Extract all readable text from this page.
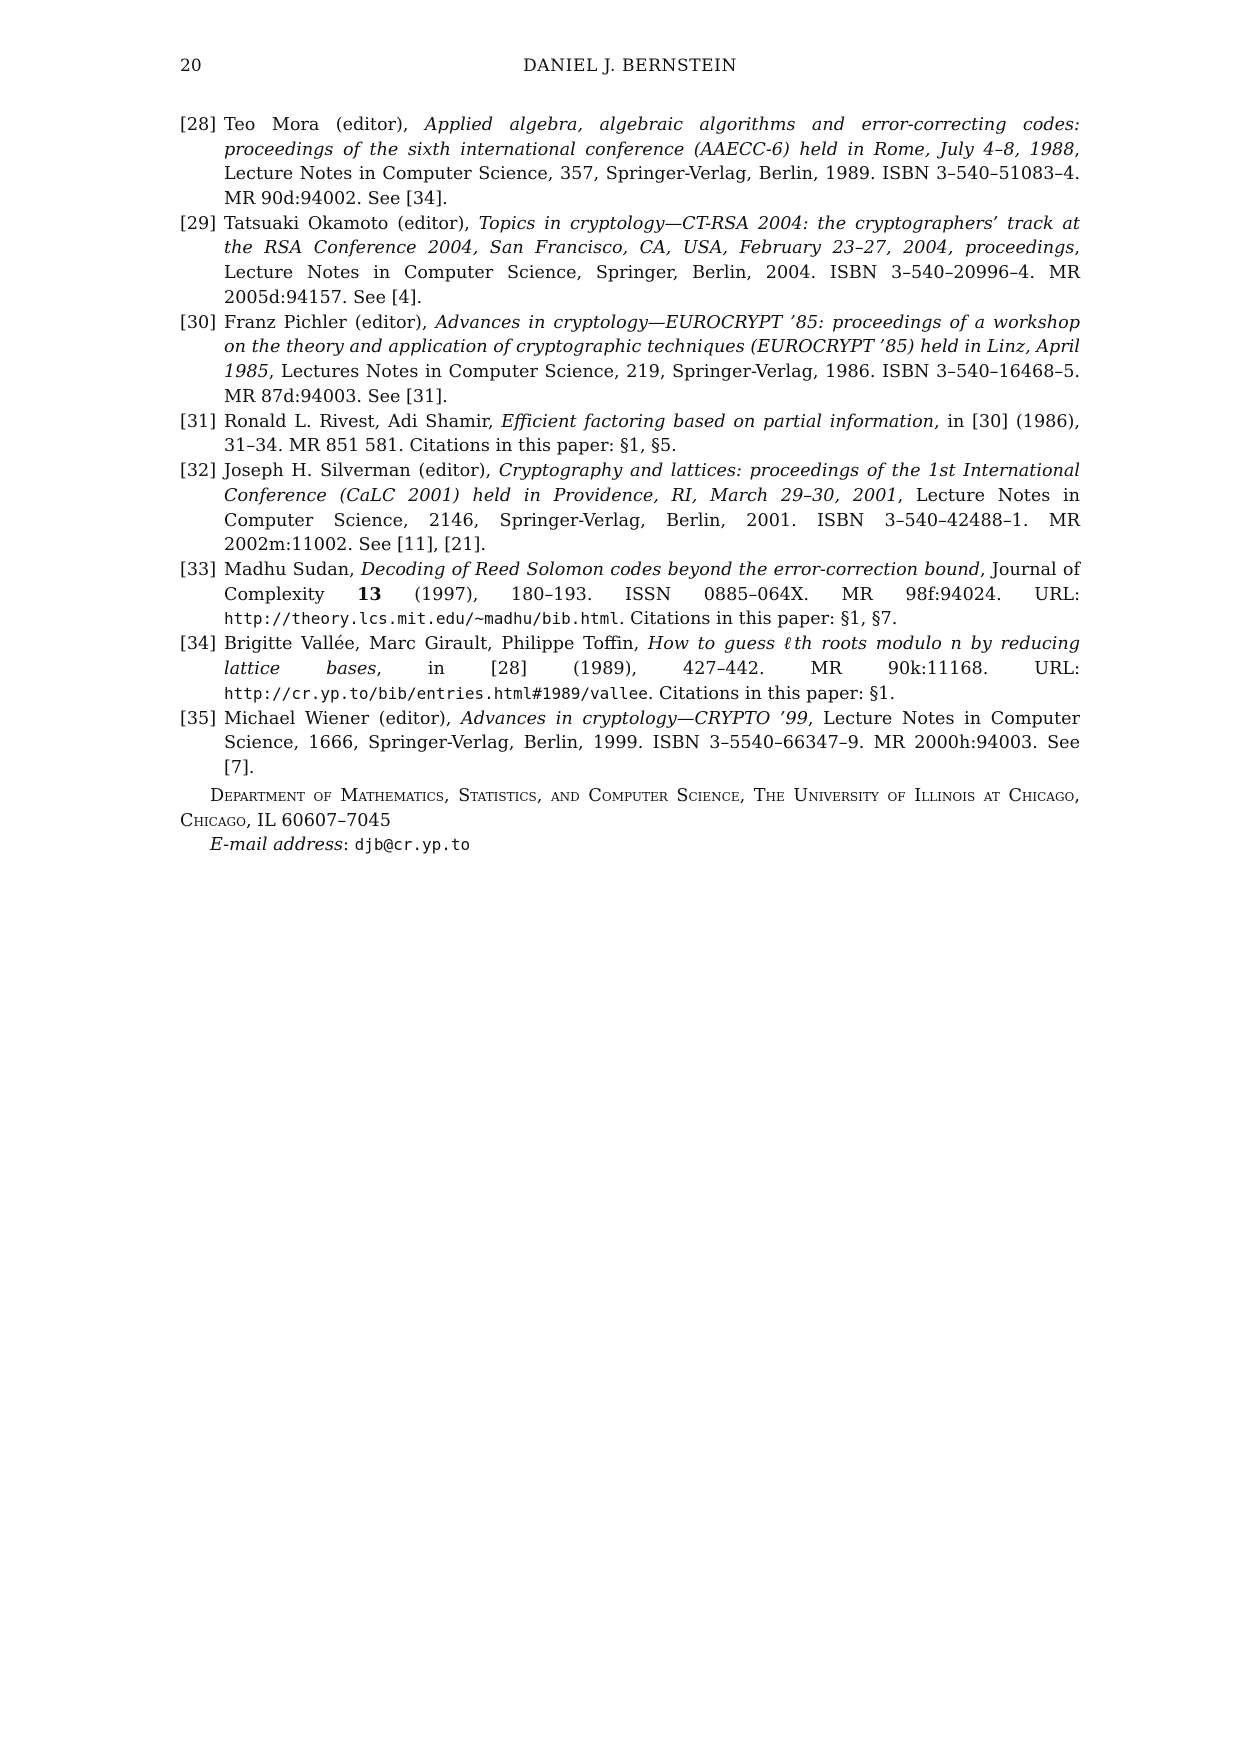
20	DANIEL J. BERNSTEIN
[28] Teo Mora (editor), Applied algebra, algebraic algorithms and error-correcting codes: proceedings of the sixth international conference (AAECC-6) held in Rome, July 4–8, 1988, Lecture Notes in Computer Science, 357, Springer-Verlag, Berlin, 1989. ISBN 3–540–51083–4. MR 90d:94002. See [34].
[29] Tatsuaki Okamoto (editor), Topics in cryptology—CT-RSA 2004: the cryptographers’ track at the RSA Conference 2004, San Francisco, CA, USA, February 23–27, 2004, proceedings, Lecture Notes in Computer Science, Springer, Berlin, 2004. ISBN 3–540–20996–4. MR 2005d:94157. See [4].
[30] Franz Pichler (editor), Advances in cryptology—EUROCRYPT ’85: proceedings of a workshop on the theory and application of cryptographic techniques (EUROCRYPT ’85) held in Linz, April 1985, Lectures Notes in Computer Science, 219, Springer-Verlag, 1986. ISBN 3–540–16468–5. MR 87d:94003. See [31].
[31] Ronald L. Rivest, Adi Shamir, Efficient factoring based on partial information, in [30] (1986), 31–34. MR 851 581. Citations in this paper: §1, §5.
[32] Joseph H. Silverman (editor), Cryptography and lattices: proceedings of the 1st International Conference (CaLC 2001) held in Providence, RI, March 29–30, 2001, Lecture Notes in Computer Science, 2146, Springer-Verlag, Berlin, 2001. ISBN 3–540–42488–1. MR 2002m:11002. See [11], [21].
[33] Madhu Sudan, Decoding of Reed Solomon codes beyond the error-correction bound, Journal of Complexity 13 (1997), 180–193. ISSN 0885–064X. MR 98f:94024. URL: http://theory.lcs.mit.edu/~madhu/bib.html. Citations in this paper: §1, §7.
[34] Brigitte Vallée, Marc Girault, Philippe Toffin, How to guess ℓth roots modulo n by reducing lattice bases, in [28] (1989), 427–442. MR 90k:11168. URL: http://cr.yp.to/bib/entries.html#1989/vallee. Citations in this paper: §1.
[35] Michael Wiener (editor), Advances in cryptology—CRYPTO ’99, Lecture Notes in Computer Science, 1666, Springer-Verlag, Berlin, 1999. ISBN 3–5540–66347–9. MR 2000h:94003. See [7].
Department of Mathematics, Statistics, and Computer Science, The University of Illinois at Chicago, Chicago, IL 60607–7045
E-mail address: djb@cr.yp.to
